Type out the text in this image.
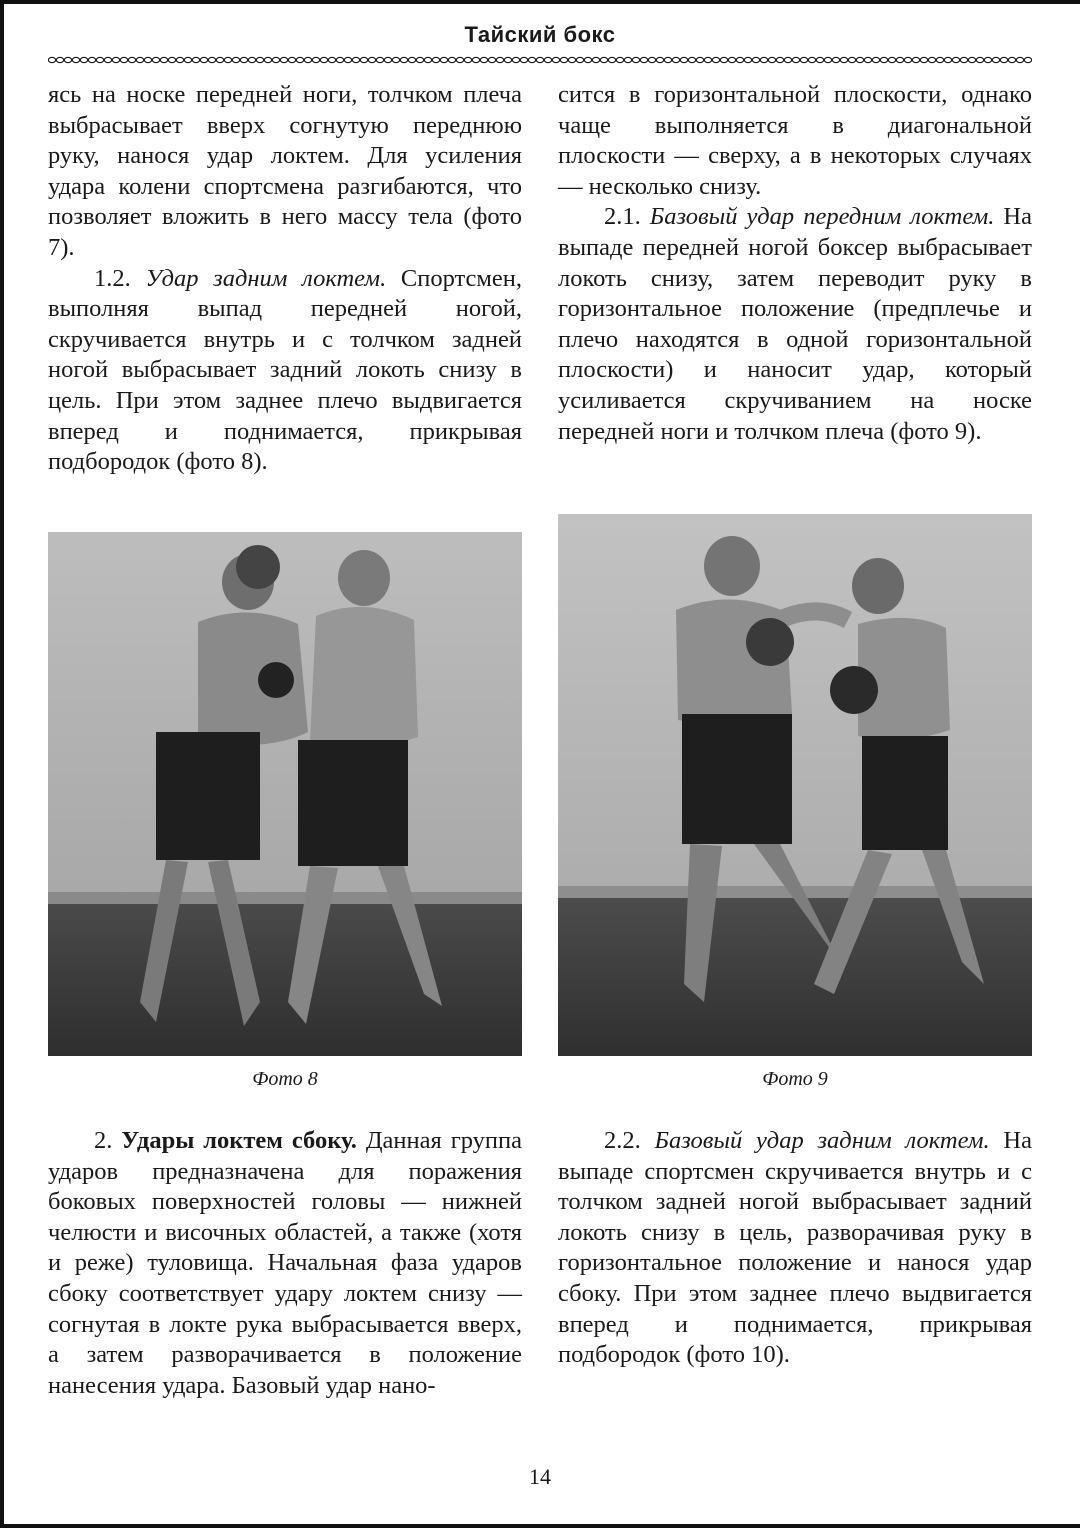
Тайский бокс

ясь на носке передней ноги, толчком плеча выбрасывает вверх согнутую переднюю руку, нанося удар локтем. Для усиления удара колени спортсмена разгибаются, что позволяет вложить в него массу тела (фото 7).

1.2. Удар задним локтем. Спортсмен, выполняя выпад передней ногой, скручивается внутрь и с толчком задней ногой выбрасывает задний локоть снизу в цель. При этом заднее плечо выдвигается вперед и поднимается, прикрывая подбородок (фото 8).

сится в горизонтальной плоскости, однако чаще выполняется в диагональной плоскости — сверху, а в некоторых случаях — несколько снизу.

2.1. Базовый удар передним локтем. На выпаде передней ногой боксер выбрасывает локоть снизу, затем переводит руку в горизонтальное положение (предплечье и плечо находятся в одной горизонтальной плоскости) и наносит удар, который усиливается скручиванием на носке передней ноги и толчком плеча (фото 9).

Фото 8	Фото 9

2. Удары локтем сбоку. Данная группа ударов предназначена для поражения боковых поверхностей головы — нижней челюсти и височных областей, а также (хотя и реже) туловища. Начальная фаза ударов сбоку соответствует удару локтем снизу — согнутая в локте рука выбрасывается вверх, а затем разворачивается в положение нанесения удара. Базовый удар нано-

2.2. Базовый удар задним локтем. На выпаде спортсмен скручивается внутрь и с толчком задней ногой выбрасывает задний локоть снизу в цель, разворачивая руку в горизонтальное положение и нанося удар сбоку. При этом заднее плечо выдвигается вперед и поднимается, прикрывая подбородок (фото 10).

14
